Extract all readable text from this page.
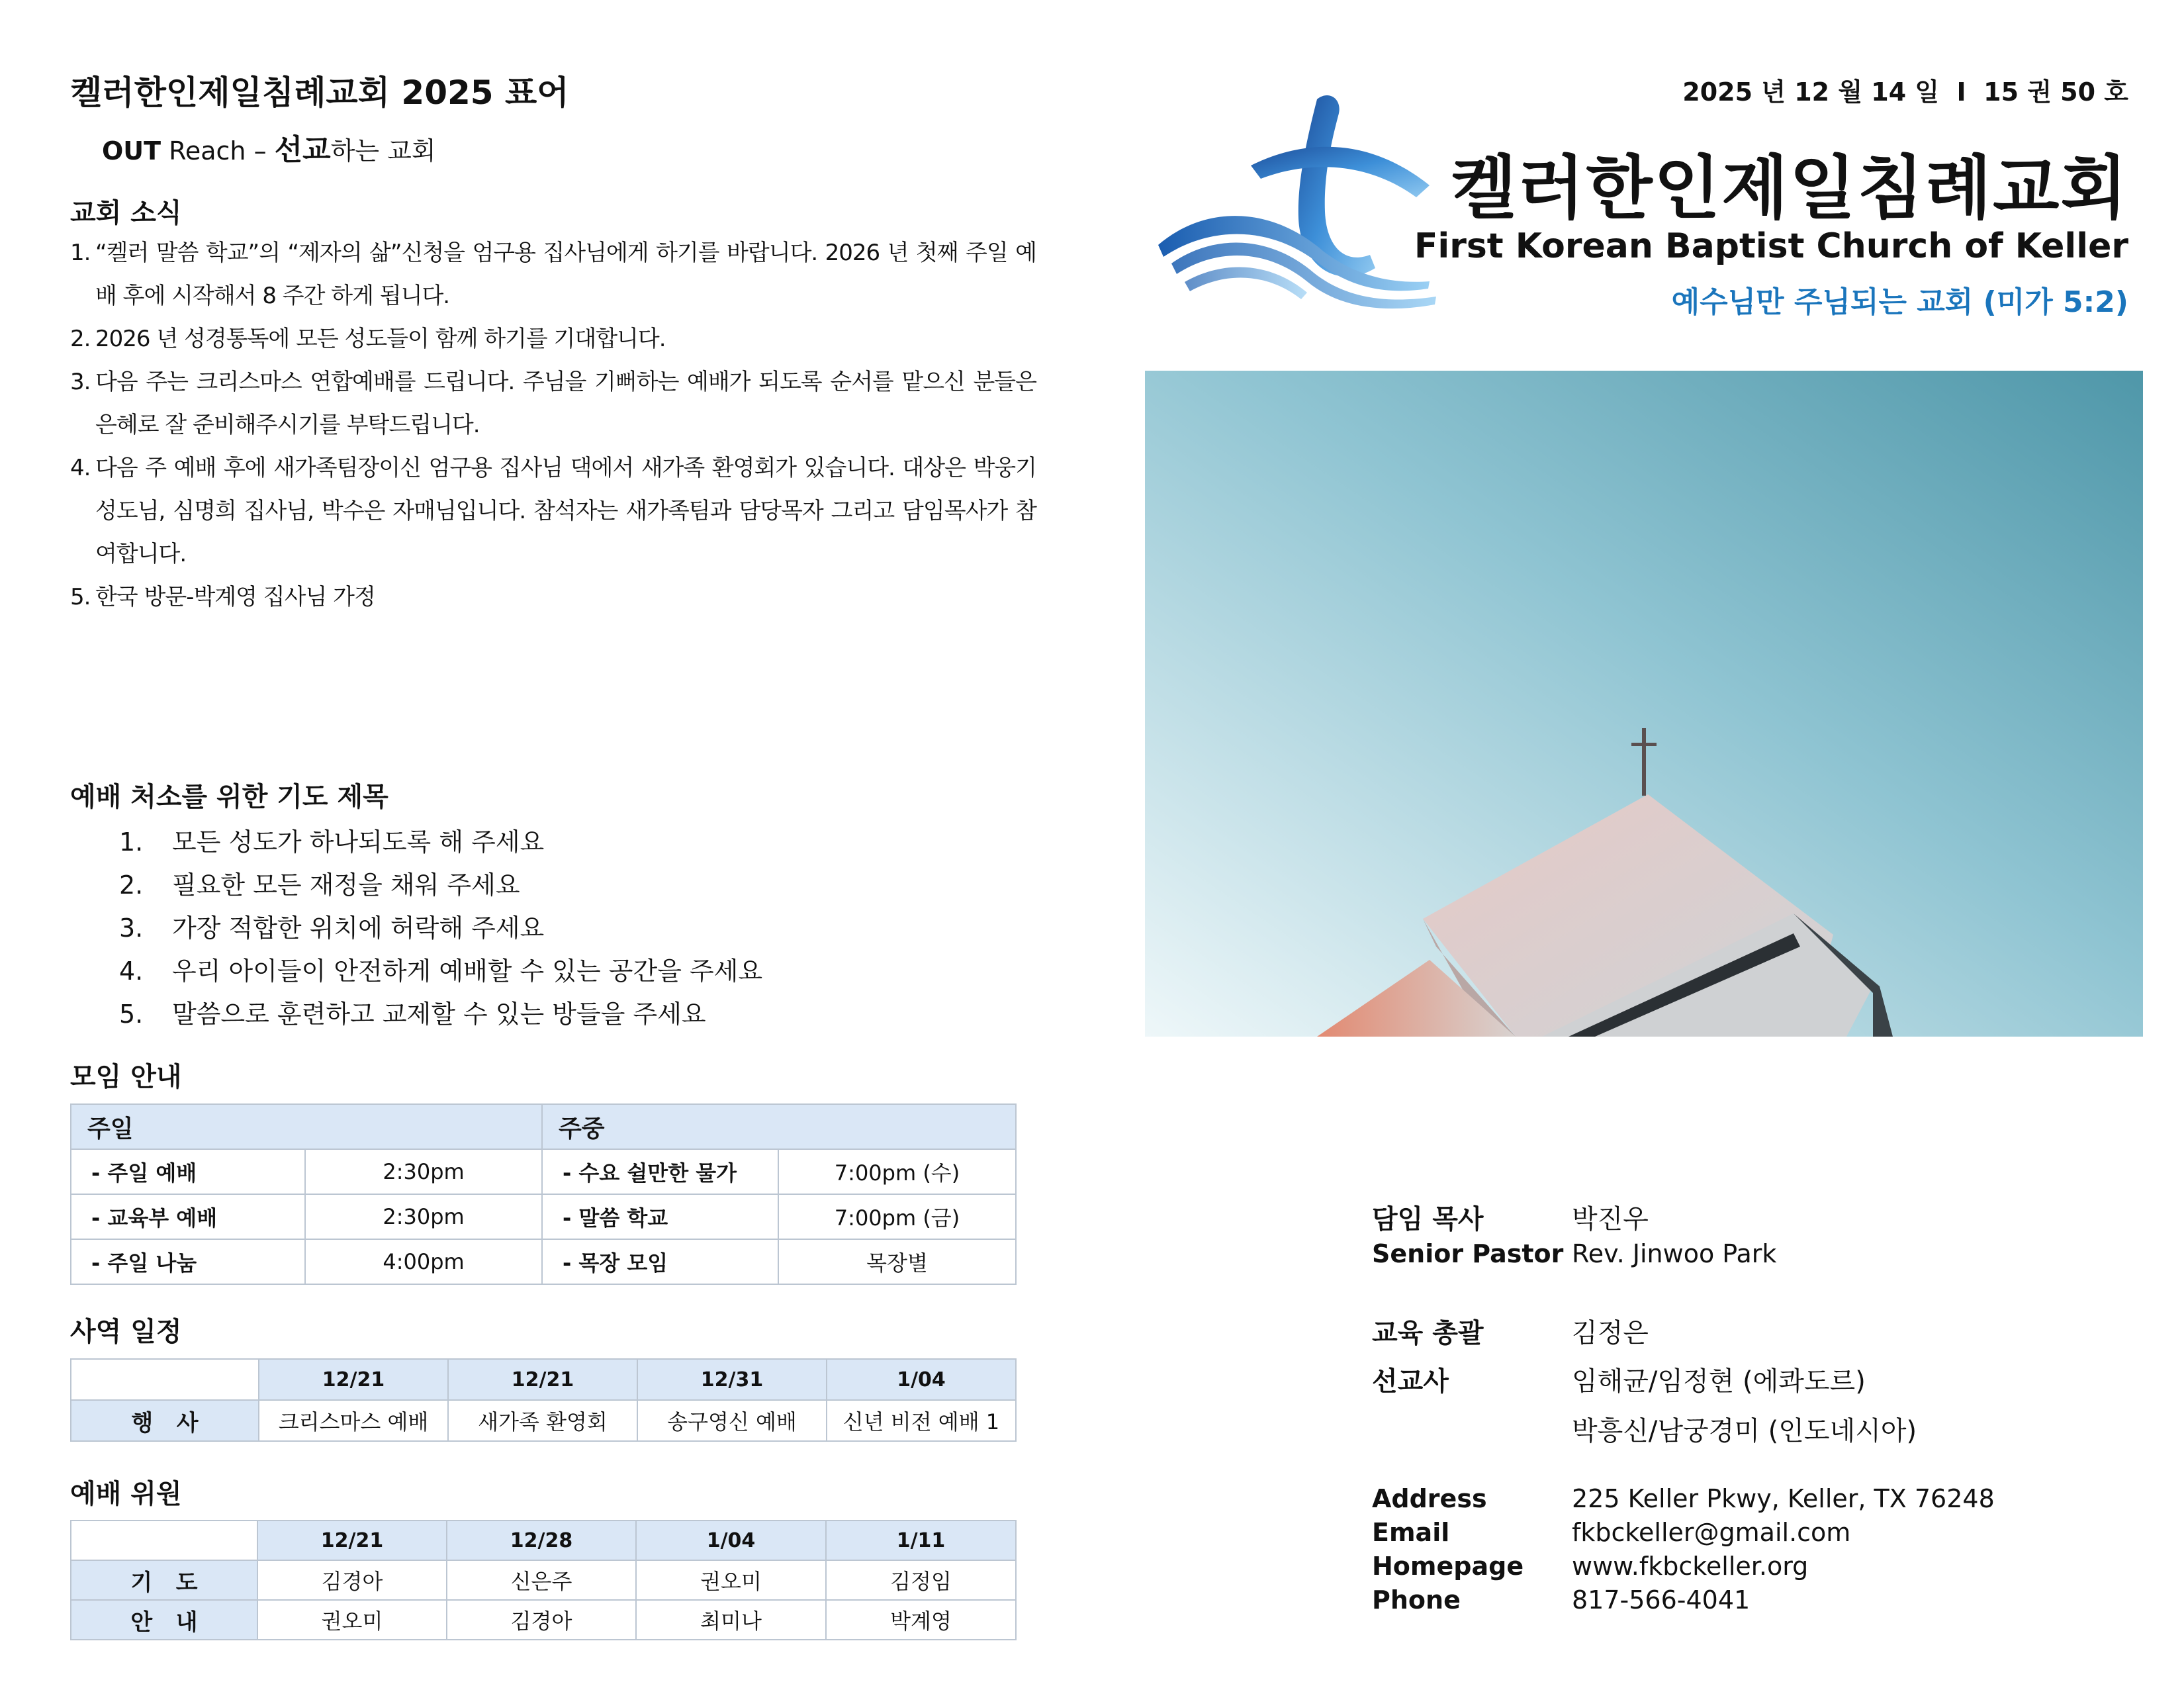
켈러한인제일침례교회 2025 표어
OUT Reach – 선교하는 교회
교회 소식
1. “켈러 말씀 학교”의 “제자의 삶”신청을 엄구용 집사님에게 하기를 바랍니다. 2026 년 첫째 주일 예배 후에 시작해서 8 주간 하게 됩니다.
2. 2026 년 성경통독에 모든 성도들이 함께 하기를 기대합니다.
3. 다음 주는 크리스마스 연합예배를 드립니다. 주님을 기뻐하는 예배가 되도록 순서를 맡으신 분들은 은혜로 잘 준비해주시기를 부탁드립니다.
4. 다음 주 예배 후에 새가족팀장이신 엄구용 집사님 댁에서 새가족 환영회가 있습니다. 대상은 박웅기 성도님, 심명희 집사님, 박수은 자매님입니다. 참석자는 새가족팀과 담당목자 그리고 담임목사가 참여합니다.
5. 한국 방문-박계영 집사님 가정
예배 처소를 위한 기도 제목
1. 모든 성도가 하나되도록 해 주세요
2. 필요한 모든 재정을 채워 주세요
3. 가장 적합한 위치에 허락해 주세요
4. 우리 아이들이 안전하게 예배할 수 있는 공간을 주세요
5. 말씀으로 훈련하고 교제할 수 있는 방들을 주세요
모임 안내
주일		주중	
- 주일 예배	2:30pm	- 수요 쉴만한 물가	7:00pm (수)
- 교육부 예배	2:30pm	- 말씀 학교	7:00pm (금)
- 주일 나눔	4:00pm	- 목장 모임	목장별
사역 일정
	12/21	12/21	12/31	1/04
행   사	크리스마스 예배	새가족 환영회	송구영신 예배	신년 비전 예배 1
예배 위원
	12/21	12/28	1/04	1/11
기   도	김경아	신은주	권오미	김정임
안   내	권오미	김경아	최미나	박계영
2025 년 12 월 14 일  I  15 권 50 호
켈러한인제일침례교회
First Korean Baptist Church of Keller
예수님만 주님되는 교회 (미가 5:2)
담임 목사	박진우
Senior Pastor Rev. Jinwoo Park
교육 총괄	김정은
선교사	임해균/임정현 (에콰도르)
박흥신/남궁경미 (인도네시아)
Address	225 Keller Pkwy, Keller, TX 76248
Email	fkbckeller@gmail.com
Homepage www.fkbckeller.org
Phone	817-566-4041
